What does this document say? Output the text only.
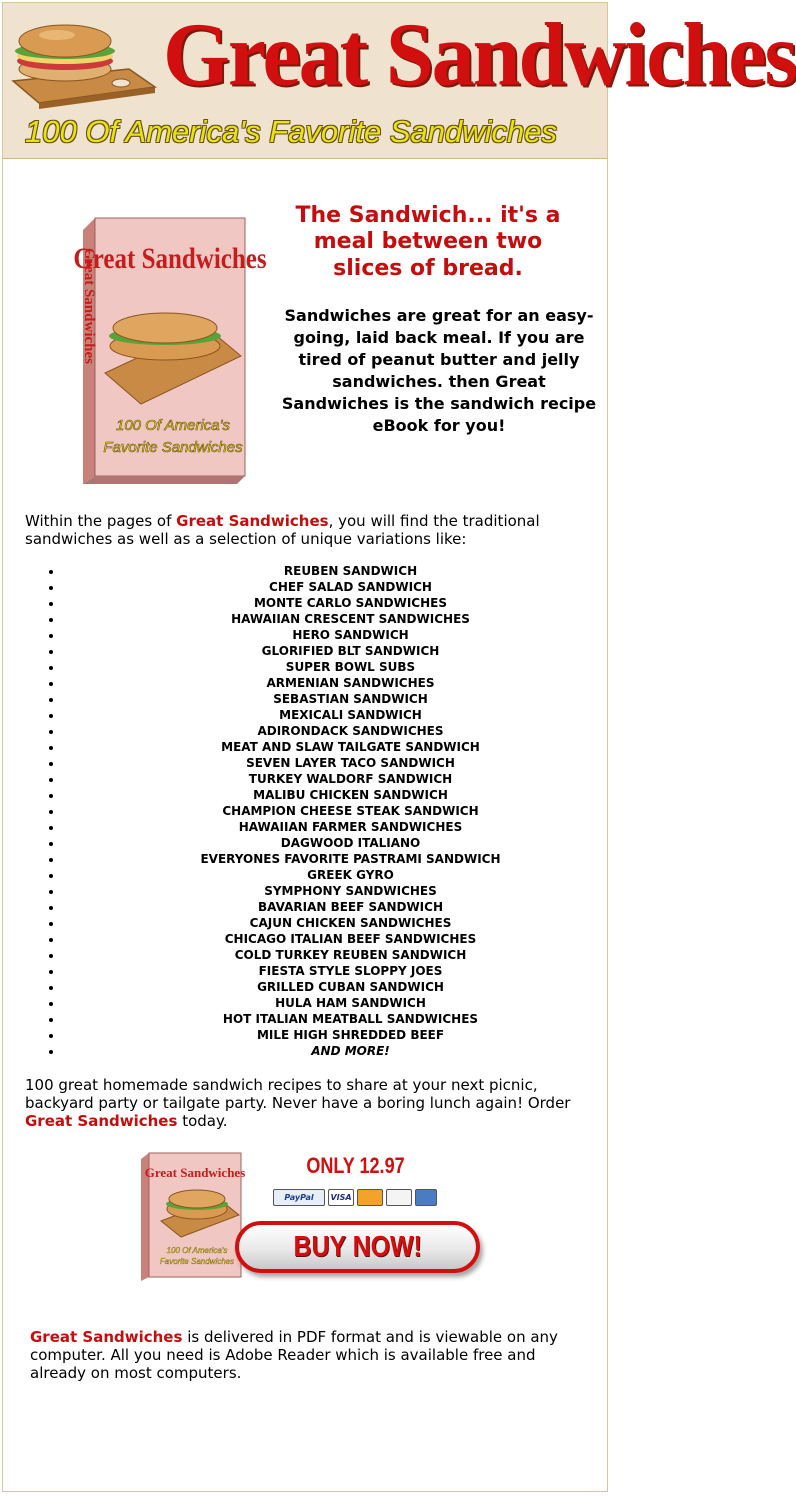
Great Sandwiches

100 Of America's Favorite Sandwiches

Great Sandwiches
Great Sandwiches
100 Of America's
Favorite Sandwiches
The Sandwich... it's a meal between two slices of bread.

Sandwiches are great for an easy-going, laid back meal. If you are tired of peanut butter and jelly sandwiches. then Great Sandwiches is the sandwich recipe eBook for you!

Within the pages of Great Sandwiches, you will find the traditional sandwiches as well as a selection of unique variations like:

• REUBEN SANDWICH
• CHEF SALAD SANDWICH
• MONTE CARLO SANDWICHES
• HAWAIIAN CRESCENT SANDWICHES
• HERO SANDWICH
• GLORIFIED BLT SANDWICH
• SUPER BOWL SUBS
• ARMENIAN SANDWICHES
• SEBASTIAN SANDWICH
• MEXICALI SANDWICH
• ADIRONDACK SANDWICHES
• MEAT AND SLAW TAILGATE SANDWICH
• SEVEN LAYER TACO SANDWICH
• TURKEY WALDORF SANDWICH
• MALIBU CHICKEN SANDWICH
• CHAMPION CHEESE STEAK SANDWICH
• HAWAIIAN FARMER SANDWICHES
• DAGWOOD ITALIANO
• EVERYONES FAVORITE PASTRAMI SANDWICH
• GREEK GYRO
• SYMPHONY SANDWICHES
• BAVARIAN BEEF SANDWICH
• CAJUN CHICKEN SANDWICHES
• CHICAGO ITALIAN BEEF SANDWICHES
• COLD TURKEY REUBEN SANDWICH
• FIESTA STYLE SLOPPY JOES
• GRILLED CUBAN SANDWICH
• HULA HAM SANDWICH
• HOT ITALIAN MEATBALL SANDWICHES
• MILE HIGH SHREDDED BEEF
• AND MORE!

100 great homemade sandwich recipes to share at your next picnic, backyard party or tailgate party. Never have a boring lunch again! Order Great Sandwiches today.

Great Sandwiches
100 Of America's
Favorite Sandwiches

ONLY 12.97

PayPal	VISA
BUY NOW!

Great Sandwiches is delivered in PDF format and is viewable on any computer. All you need is Adobe Reader which is available free and already on most computers.
